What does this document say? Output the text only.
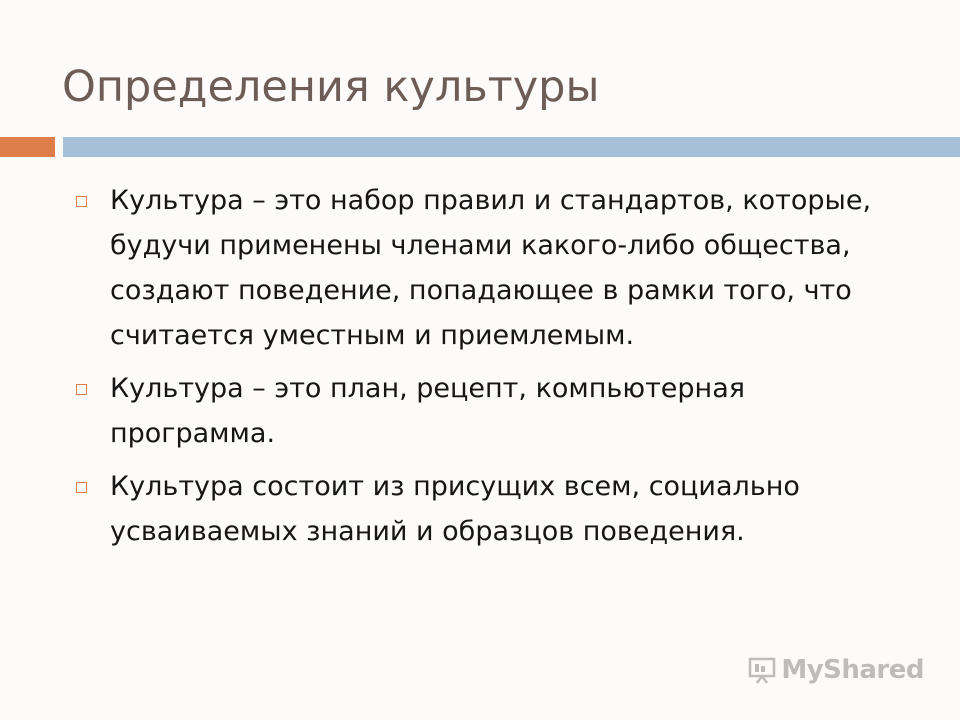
Определения культуры
Культура – это набор правил и стандартов, которые, будучи применены членами какого-либо общества, создают поведение, попадающее в рамки того, что считается уместным и приемлемым.
Культура – это план, рецепт, компьютерная программа.
Культура состоит из присущих всем, социально усваиваемых знаний и образцов поведения.
MyShared
